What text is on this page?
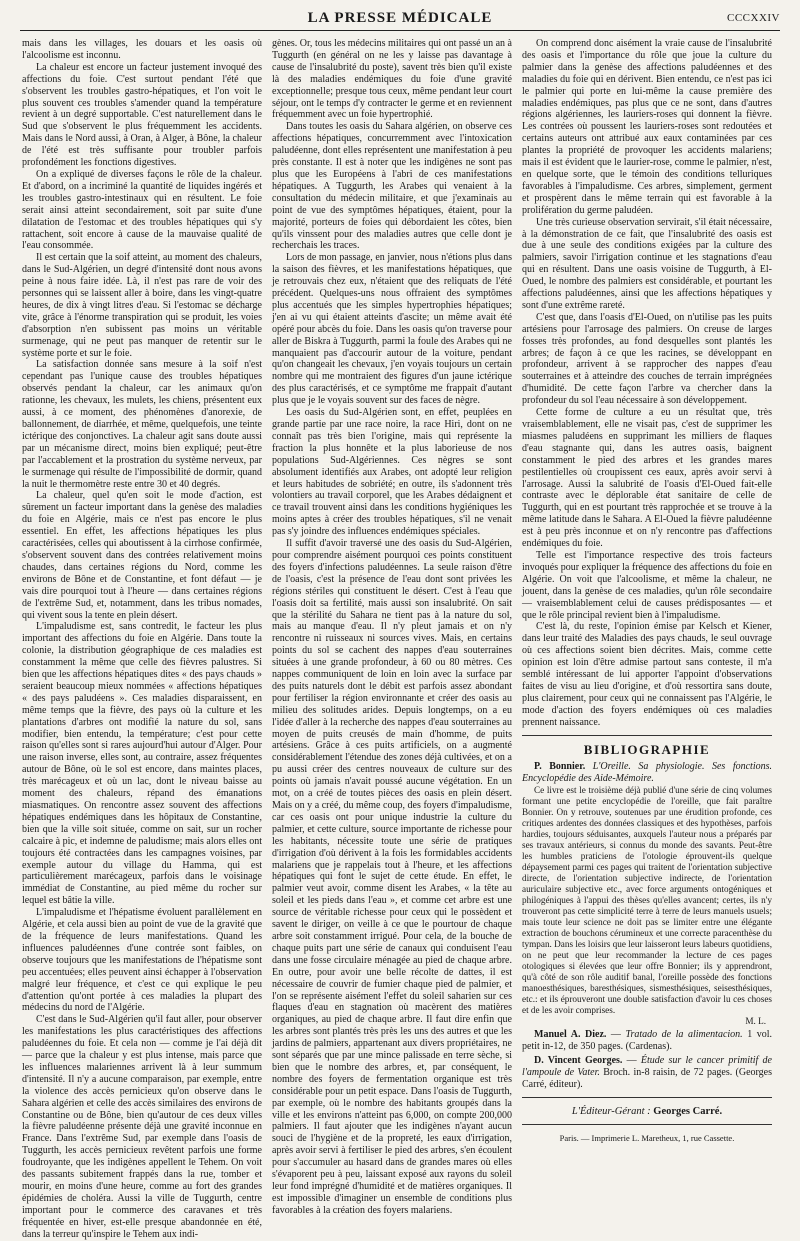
LA PRESSE MÉDICALE	CCCXXIV

mais dans les villages, les douars et les oasis où l'alcoolisme est inconnu.

La chaleur est encore un facteur justement invoqué des affections du foie. C'est surtout pendant l'été que s'observent les troubles gastro-hépatiques, et l'on voit le plus souvent ces troubles s'amender quand la température revient à un degré supportable. C'est naturellement dans le Sud que s'observent le plus fréquemment les accidents. Mais dans le Nord aussi, à Oran, à Alger, à Bône, la chaleur de l'été est très suffisante pour troubler parfois profondément les fonctions digestives.

On a expliqué de diverses façons le rôle de la chaleur. Et d'abord, on a incriminé la quantité de liquides ingérés et les troubles gastro-intestinaux qui en résultent. Le foie serait ainsi atteint secondairement, soit par suite d'une dilatation de l'estomac et des troubles hépatiques qui s'y rattachent, soit encore à cause de la mauvaise qualité de l'eau consommée.

Il est certain que la soif atteint, au moment des chaleurs, dans le Sud-Algérien, un degré d'intensité dont nous avons peine à nous faire idée. Là, il n'est pas rare de voir des personnes qui se laissent aller à boire, dans les vingt-quatre heures, de dix à vingt litres d'eau. Si l'estomac se décharge vite, grâce à l'énorme transpiration qui se produit, les voies d'absorption n'en subissent pas moins un véritable surmenage, qui ne peut pas manquer de retentir sur le système porte et sur le foie.

La satisfaction donnée sans mesure à la soif n'est cependant pas l'unique cause des troubles hépatiques observés pendant la chaleur, car les animaux qu'on rationne, les chevaux, les mulets, les chiens, présentent eux aussi, à ce moment, des phénomènes d'anorexie, de ballonnement, de diarrhée, et même, quelquefois, une teinte ictérique des conjonctives. La chaleur agit sans doute aussi par un mécanisme direct, moins bien expliqué; peut-être par l'accablement et la prostration du système nerveux, par le surmenage qui résulte de l'impossibilité de dormir, quand la nuit le thermomètre reste entre 30 et 40 degrés.

La chaleur, quel qu'en soit le mode d'action, est sûrement un facteur important dans la genèse des maladies du foie en Algérie, mais ce n'est pas encore le plus essentiel. En effet, les affections hépatiques les plus caractérisées, celles qui aboutissent à la cirrhose confirmée, s'observent souvent dans des contrées relativement moins chaudes, dans certaines régions du Nord, comme les environs de Bône et de Constantine, et font défaut — je vais dire pourquoi tout à l'heure — dans certaines régions de l'extrême Sud, et, notamment, dans les tribus nomades, qui vivent sous la tente en plein désert.

L'impaludisme est, sans contredit, le facteur les plus important des affections du foie en Algérie. Dans toute la colonie, la distribution géographique de ces maladies est constamment la même que celle des fièvres palustres. Si bien que les affections hépatiques dites « des pays chauds » seraient beaucoup mieux nommées « affections hépatiques « des pays paludéens ». Ces maladies disparaissent, en même temps que la fièvre, des pays où la culture et les plantations d'arbres ont modifié la nature du sol, sans modifier, bien entendu, la température; c'est pour cette raison qu'elles sont si rares aujourd'hui autour d'Alger. Pour une raison inverse, elles sont, au contraire, assez fréquentes autour de Bône, où le sol est encore, dans maintes places, très marécageux et où un lac, dont le niveau baisse au moment des chaleurs, répand des émanations miasmatiques. On rencontre assez souvent des affections hépatiques endémiques dans les hôpitaux de Constantine, bien que la ville soit située, comme on sait, sur un rocher calcaire à pic, et indemne de paludisme; mais alors elles ont toujours été contractées dans les campagnes voisines, par exemple autour du village du Hamma, qui est particulièrement marécageux, parfois dans le voisinage immédiat de Constantine, au pied même du rocher sur lequel est bâtie la ville.

L'impaludisme et l'hépatisme évoluent parallèlement en Algérie, et cela aussi bien au point de vue de la gravité que de la fréquence de leurs manifestations. Quand les influences paludéennes d'une contrée sont faibles, on observe toujours que les manifestations de l'hépatisme sont peu accentuées; elles peuvent ainsi échapper à l'observation malgré leur fréquence, et c'est ce qui explique le peu d'attention qu'ont portée à ces maladies la plupart des médecins du nord de l'Algérie.

C'est dans le Sud-Algérien qu'il faut aller, pour observer les manifestations les plus caractéristiques des affections paludéennes du foie. Et cela non — comme je l'ai déjà dit — parce que la chaleur y est plus intense, mais parce que les influences malariennes arrivent là à leur summum d'intensité. Il n'y a aucune comparaison, par exemple, entre la violence des accès pernicieux qu'on observe dans le Sahara algérien et celle des accès similaires des environs de Constantine ou de Bône, bien qu'autour de ces deux villes la fièvre paludéenne présente déjà une gravité inconnue en France. Dans l'extrême Sud, par exemple dans l'oasis de Tuggurth, les accès pernicieux revêtent parfois une forme foudroyante, que les indigènes appellent le Tehem. On voit des passants subitement frappés dans la rue, tomber et mourir, en moins d'une heure, comme au fort des grandes épidémies de choléra. Aussi la ville de Tuggurth, centre important pour le commerce des caravanes et très fréquentée en hiver, est-elle presque abandonnée en été, dans la terreur qu'inspire le Tehem aux indi-

gènes. Or, tous les médecins militaires qui ont passé un an à Tuggurth (en général on ne les y laisse pas davantage à cause de l'insalubrité du poste), savent très bien qu'il existe là des maladies endémiques du foie d'une gravité exceptionnelle; presque tous ceux, même pendant leur court séjour, ont le temps d'y contracter le germe et en reviennent fréquemment avec un foie hypertrophié.

Dans toutes les oasis du Sahara algérien, on observe ces affections hépatiques, concurremment avec l'intoxication paludéenne, dont elles représentent une manifestation à peu près constante. Il est à noter que les indigènes ne sont pas plus que les Européens à l'abri de ces manifestations hépatiques. A Tuggurth, les Arabes qui venaient à la consultation du médecin militaire, et que j'examinais au point de vue des symptômes hépatiques, étaient, pour la majorité, porteurs de foies qui débordaient les côtes, bien qu'ils vinssent pour des maladies autres que celle dont je recherchais les traces.

Lors de mon passage, en janvier, nous n'étions plus dans la saison des fièvres, et les manifestations hépatiques, que je retrouvais chez eux, n'étaient que des reliquats de l'été précédent. Quelques-uns nous offraient des symptômes plus accentués que les simples hypertrophies hépatiques; j'en ai vu qui étaient atteints d'ascite; un même avait été opéré pour abcès du foie. Dans les oasis qu'on traverse pour aller de Biskra à Tuggurth, parmi la foule des Arabes qui ne manquaient pas d'accourir autour de la voiture, pendant qu'on changeait les chevaux, j'en voyais toujours un certain nombre qui me montraient des figures d'un jaune ictérique des plus caractérisés, et ce symptôme me frappait d'autant plus que je le voyais souvent sur des faces de nègre.

Les oasis du Sud-Algérien sont, en effet, peuplées en grande partie par une race noire, la race Hiri, dont on ne connaît pas très bien l'origine, mais qui représente la fraction la plus honnête et la plus laborieuse de nos populations Sud-Algériennes. Ces nègres se sont absolument identifiés aux Arabes, ont adopté leur religion et leurs habitudes de sobriété; en outre, ils s'adonnent très volontiers au travail corporel, que les Arabes dédaignent et ce travail trouvent ainsi dans les conditions hygiéniques les moins aptes à créer des troubles hépatiques, s'il ne venait pas s'y joindre des influences endémiques spéciales.

Il suffit d'avoir traversé une des oasis du Sud-Algérien, pour comprendre aisément pourquoi ces points constituent des foyers d'infections paludéennes. La seule raison d'être de l'oasis, c'est la présence de l'eau dont sont privées les régions stériles qui constituent le désert. C'est à l'eau que l'oasis doit sa fertilité, mais aussi son insalubrité. On sait que la stérilité du Sahara ne tient pas à la nature du sol, mais au manque d'eau. Il n'y pleut jamais et on n'y rencontre ni ruisseaux ni sources vives. Mais, en certains points du sol se cachent des nappes d'eau souterraines situées à une grande profondeur, à 60 ou 80 mètres. Ces nappes communiquent de loin en loin avec la surface par des puits naturels dont le débit est parfois assez abondant pour fertiliser la région environnante et créer des oasis au milieu des solitudes arides. Depuis longtemps, on a eu l'idée d'aller à la recherche des nappes d'eau souterraines au moyen de puits creusés de main d'homme, de puits artésiens. Grâce à ces puits artificiels, on a augmenté considérablement l'étendue des zones déjà cultivées, et on a pu aussi créer des centres nouveaux de culture sur des points où jamais n'avait poussé aucune végétation. En un mot, on a créé de toutes pièces des oasis en plein désert. Mais on y a créé, du même coup, des foyers d'impaludisme, car ces oasis ont pour unique industrie la culture du palmier, et cette culture, source importante de richesse pour les habitants, nécessite toute une série de pratiques d'irrigation d'où dérivent à la fois les formidables accidents malariens que je rappelais tout à l'heure, et les affections hépatiques qui font le sujet de cette étude. En effet, le palmier veut avoir, comme disent les Arabes, « la tête au soleil et les pieds dans l'eau », et comme cet arbre est une source de véritable richesse pour ceux qui le possèdent et savent le diriger, on veille à ce que le pourtour de chaque arbre soit constamment irrigué. Pour cela, de la bouche de chaque puits part une série de canaux qui conduisent l'eau dans une fosse circulaire ménagée au pied de chaque arbre. En outre, pour avoir une belle récolte de dattes, il est nécessaire de couvrir de fumier chaque pied de palmier, et l'on se représente aisément l'effet du soleil saharien sur ces flaques d'eau en stagnation où macèrent des matières organiques, au pied de chaque arbre. Il faut dire enfin que les arbres sont plantés très près les uns des autres et que les jardins de palmiers, appartenant aux divers propriétaires, ne sont séparés que par une mince palissade en terre sèche, si bien que le nombre des arbres, et, par conséquent, le nombre des foyers de fermentation organique est très considérable pour un petit espace. Dans l'oasis de Tuggurth, par exemple, où le nombre des habitants groupés dans la ville et les environs n'atteint pas 6,000, on compte 200,000 palmiers. Il faut ajouter que les indigènes n'ayant aucun souci de l'hygiène et de la propreté, les eaux d'irrigation, après avoir servi à fertiliser le pied des arbres, s'en écoulent pour s'accumuler au hasard dans de grandes mares où elles s'évaporent peu à peu, laissant exposé aux rayons du soleil leur fond imprégné d'humidité et de matières organiques. Il est impossible d'imaginer un ensemble de conditions plus favorables à la création des foyers malariens.

On comprend donc aisément la vraie cause de l'insalubrité des oasis et l'importance du rôle que joue la culture du palmier dans la genèse des affections paludéennes et des maladies du foie qui en dérivent. Bien entendu, ce n'est pas ici le palmier qui porte en lui-même la cause première des maladies endémiques, pas plus que ce ne sont, dans d'autres régions algériennes, les lauriers-roses qui donnent la fièvre. Les contrées où poussent les lauriers-roses sont redoutées et certains auteurs ont attribué aux eaux contaminées par ces plantes la propriété de provoquer les accidents malariens; mais il est évident que le laurier-rose, comme le palmier, n'est, en quelque sorte, que le témoin des conditions telluriques favorables à l'impaludisme. Ces arbres, simplement, germent et prospèrent dans le même terrain qui est favorable à la prolifération du germe paludéen.

Une très curieuse observation servirait, s'il était nécessaire, à la démonstration de ce fait, que l'insalubrité des oasis est due à une seule des conditions exigées par la culture des palmiers, savoir l'irrigation continue et les stagnations d'eau qui en résultent. Dans une oasis voisine de Tuggurth, à El-Oued, le nombre des palmiers est considérable, et pourtant les affections paludéennes, ainsi que les affections hépatiques y sont d'une extrême rareté.

C'est que, dans l'oasis d'El-Oued, on n'utilise pas les puits artésiens pour l'arrosage des palmiers. On creuse de larges fosses très profondes, au fond desquelles sont plantés les arbres; de façon à ce que les racines, se développant en profondeur, arrivent à se rapprocher des nappes d'eau souterraines et à atteindre des couches de terrain imprégnées d'humidité. De cette façon l'arbre va chercher dans la profondeur du sol l'eau nécessaire à son développement.

Cette forme de culture a eu un résultat que, très vraisemblablement, elle ne visait pas, c'est de supprimer les miasmes paludéens en supprimant les milliers de flaques d'eau stagnante qui, dans les autres oasis, baignent constamment le pied des arbres et les grandes mares pestilentielles où croupissent ces eaux, après avoir servi à l'arrosage. Aussi la salubrité de l'oasis d'El-Oued fait-elle contraste avec le déplorable état sanitaire de celle de Tuggurth, qui en est pourtant très rapprochée et se trouve à la même latitude dans le Sahara. A El-Oued la fièvre paludéenne est à peu près inconnue et on n'y rencontre pas d'affections endémiques du foie.

Telle est l'importance respective des trois facteurs invoqués pour expliquer la fréquence des affections du foie en Algérie. On voit que l'alcoolisme, et même la chaleur, ne jouent, dans la genèse de ces maladies, qu'un rôle secondaire — vraisemblablement celui de causes prédisposantes — et que le rôle principal revient bien à l'impaludisme.

C'est là, du reste, l'opinion émise par Kelsch et Kiener, dans leur traité des Maladies des pays chauds, le seul ouvrage où ces affections soient bien décrites. Mais, comme cette opinion est loin d'être admise partout sans conteste, il m'a semblé intéressant de lui apporter l'appoint d'observations faites de visu au lieu d'origine, et d'où ressortira sans doute, plus clairement, pour ceux qui ne connaissent pas l'Algérie, le mode d'action des foyers endémiques où ces maladies prennent naissance.

BIBLIOGRAPHIE

P. Bonnier. L'Oreille. Sa physiologie. Ses fonctions. Encyclopédie des Aide-Mémoire.

Ce livre est le troisième déjà publié d'une série de cinq volumes formant une petite encyclopédie de l'oreille, que fait paraître Bonnier. On y retrouve, soutenues par une érudition profonde, ces critiques ardentes des données classiques et des hypothèses, parfois hardies, toujours séduisantes, auxquels l'auteur nous a préparés par ses travaux antérieurs, si connus du monde des savants. Peut-être les humbles praticiens de l'otologie éprouvent-ils quelque dépaysement parmi ces pages qui traitent de l'orientation subjective directe, de l'orientation subjective indirecte, de l'orientation auriculaire subjective etc., avec force arguments ontogéniques et philogéniques à l'appui des thèses qu'elles avancent; certes, ils n'y trouveront pas cette simplicité terre à terre de leurs manuels usuels; mais toute leur science ne doit pas se limiter entre une élégante extraction de bouchons cérumineux et une correcte paracenthèse du tympan. Dans les loisirs que leur laisseront leurs labeurs quotidiens, on ne peut que leur recommander la lecture de ces pages otologiques si élevées que leur offre Bonnier; ils y apprendront, qu'à côté de son rôle auditif banal, l'oreille possède des fonctions manoesthésiques, baresthésiques, sismesthésiques, seisesthésiques, etc.: et ils éprouveront une double satisfaction d'avoir lu ces choses et de les avoir comprises.

M. L.

Manuel A. Diez. — Tratado de la alimentacion. 1 vol. petit in-12, de 350 pages. (Cardenas).

D. Vincent Georges. — Étude sur le cancer primitif de l'ampoule de Vater. Broch. in-8 raisin, de 72 pages. (Georges Carré, éditeur).

L'Éditeur-Gérant : Georges Carré.
Paris. — Imprimerie L. Maretheux, 1, rue Cassette.
